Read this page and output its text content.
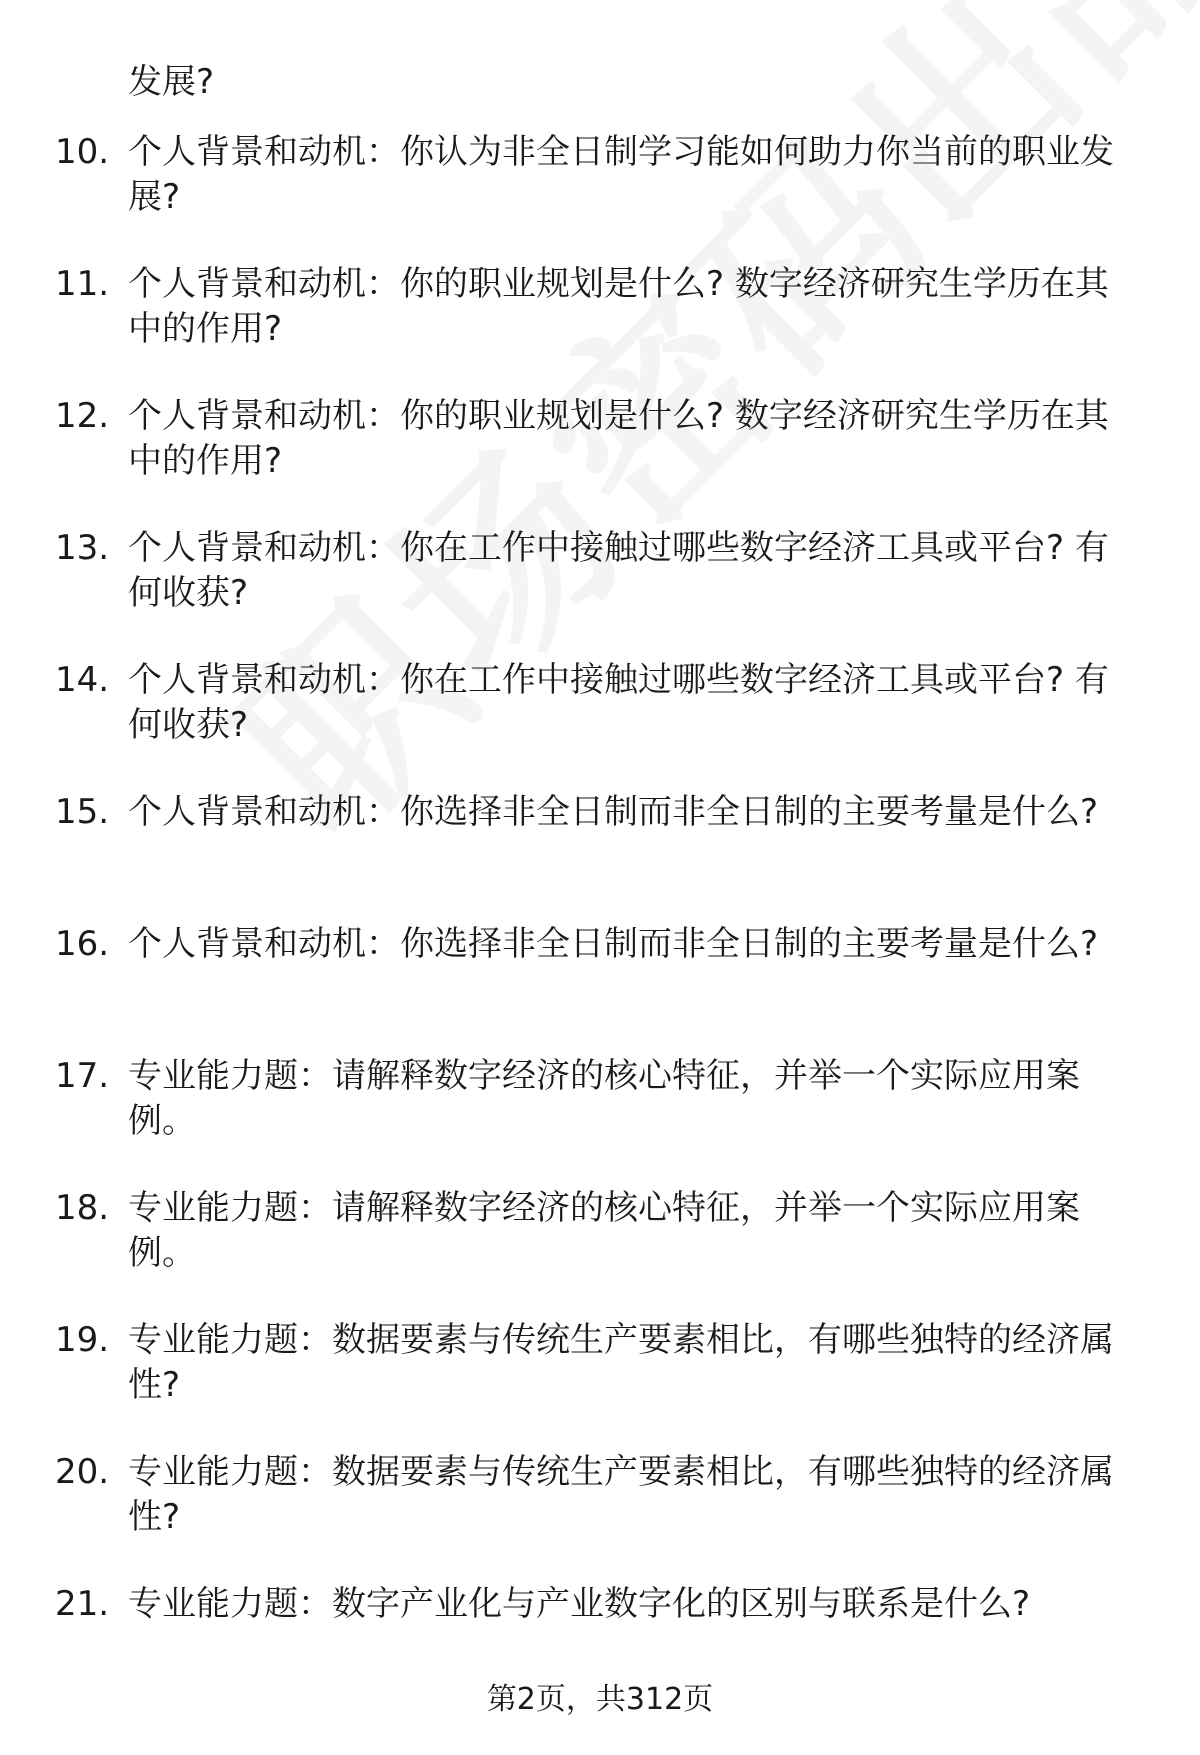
发展?
10. 个人背景和动机：你认为非全日制学习能如何助力你当前的职业发展?
11. 个人背景和动机：你的职业规划是什么? 数字经济研究生学历在其中的作用?
12. 个人背景和动机：你的职业规划是什么? 数字经济研究生学历在其中的作用?
13. 个人背景和动机：你在工作中接触过哪些数字经济工具或平台? 有何收获?
14. 个人背景和动机：你在工作中接触过哪些数字经济工具或平台? 有何收获?
15. 个人背景和动机：你选择非全日制而非全日制的主要考量是什么?
16. 个人背景和动机：你选择非全日制而非全日制的主要考量是什么?
17. 专业能力题：请解释数字经济的核心特征，并举一个实际应用案例。
18. 专业能力题：请解释数字经济的核心特征，并举一个实际应用案例。
19. 专业能力题：数据要素与传统生产要素相比，有哪些独特的经济属性?
20. 专业能力题：数据要素与传统生产要素相比，有哪些独特的经济属性?
21. 专业能力题：数字产业化与产业数字化的区别与联系是什么?
第2页，共312页
